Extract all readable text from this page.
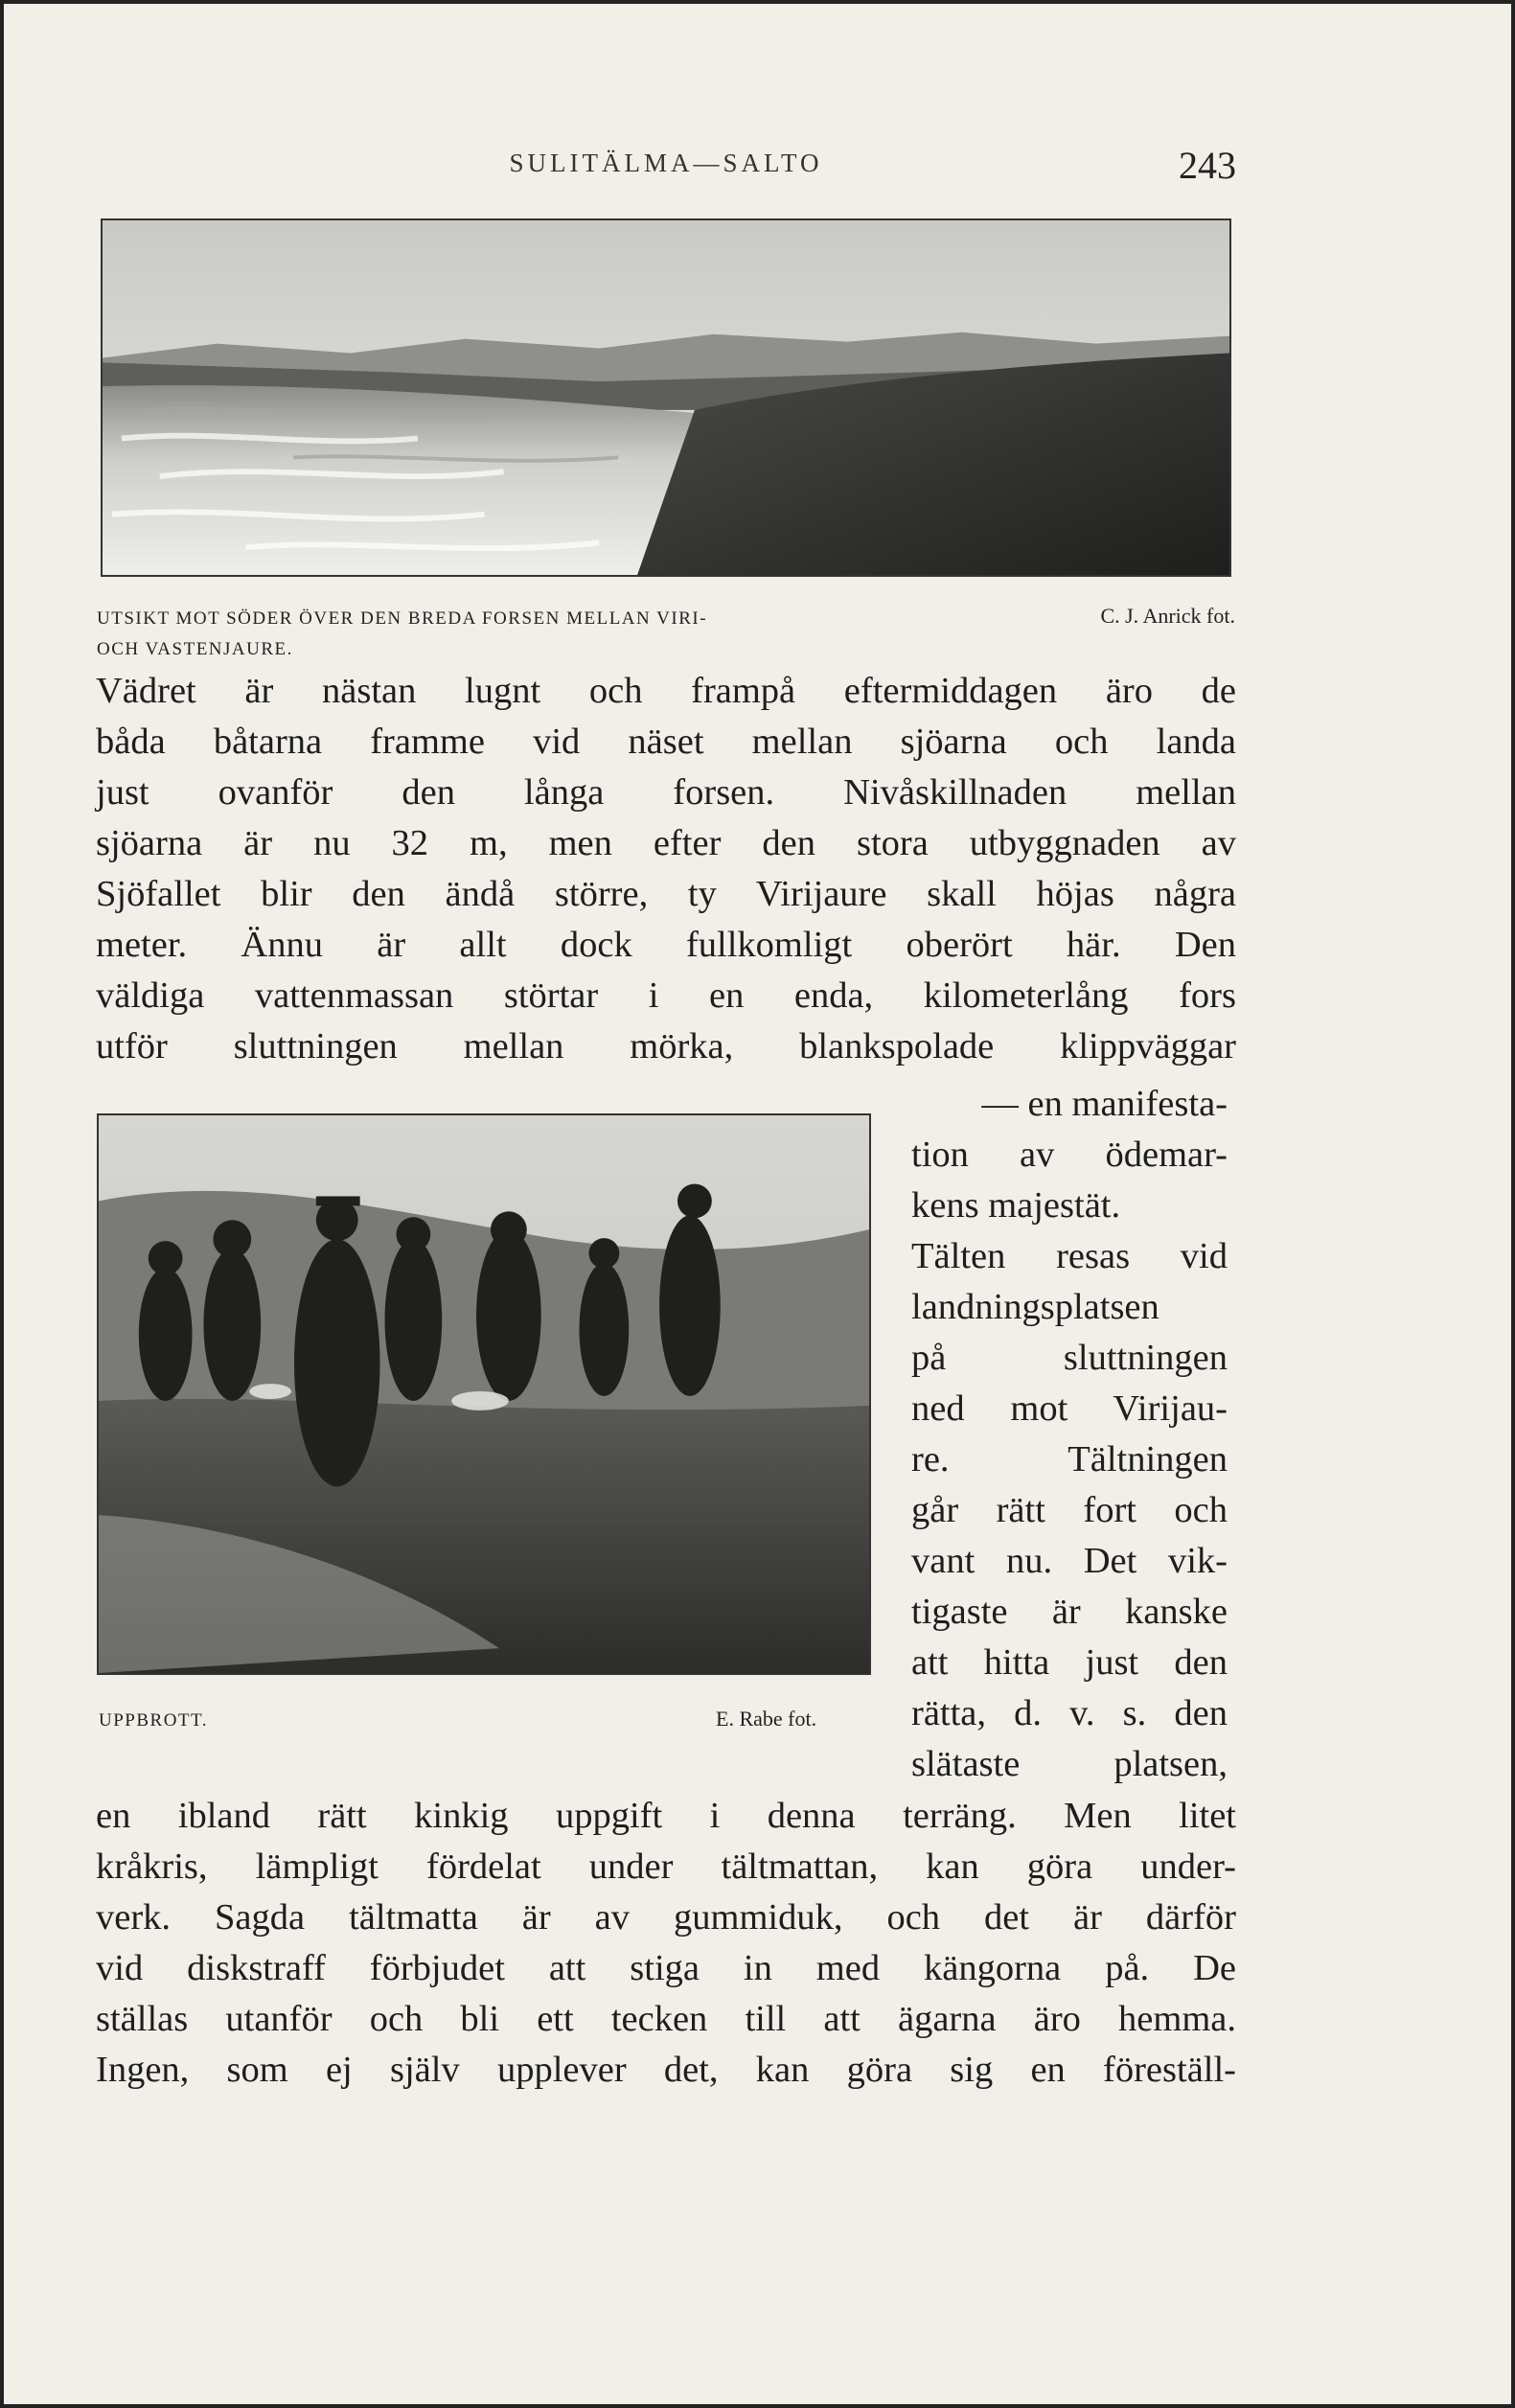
SULITÄLMA—SALTO	243
UTSIKT MOT SÖDER ÖVER DEN BREDA FORSEN MELLAN VIRI-
OCH VASTENJAURE.
C. J. Anrick fot.
Vädret är nästan lugnt och frampå eftermiddagen äro de
båda båtarna framme vid näset mellan sjöarna och landa
just ovanför den långa forsen. Nivåskillnaden mellan
sjöarna är nu 32 m, men efter den stora utbyggnaden av
Sjöfallet blir den ändå större, ty Virijaure skall höjas några
meter. Ännu är allt dock fullkomligt oberört här. Den
väldiga vattenmassan störtar i en enda, kilometerlång fors
utför sluttningen mellan mörka, blankspolade klippväggar
UPPBROTT.	E. Rabe fot.
— en manifesta-
tion av ödemar-
kens majestät.
Tälten resas vid
landningsplatsen
på sluttningen
ned mot Virijau-
re. Tältningen
går rätt fort och
vant nu. Det vik-
tigaste är kanske
att hitta just den
rätta, d. v. s. den
slätaste platsen,
en ibland rätt kinkig uppgift i denna terräng. Men litet
kråkris, lämpligt fördelat under tältmattan, kan göra under-
verk. Sagda tältmatta är av gummiduk, och det är därför
vid diskstraff förbjudet att stiga in med kängorna på. De
ställas utanför och bli ett tecken till att ägarna äro hemma.
Ingen, som ej själv upplever det, kan göra sig en föreställ-
